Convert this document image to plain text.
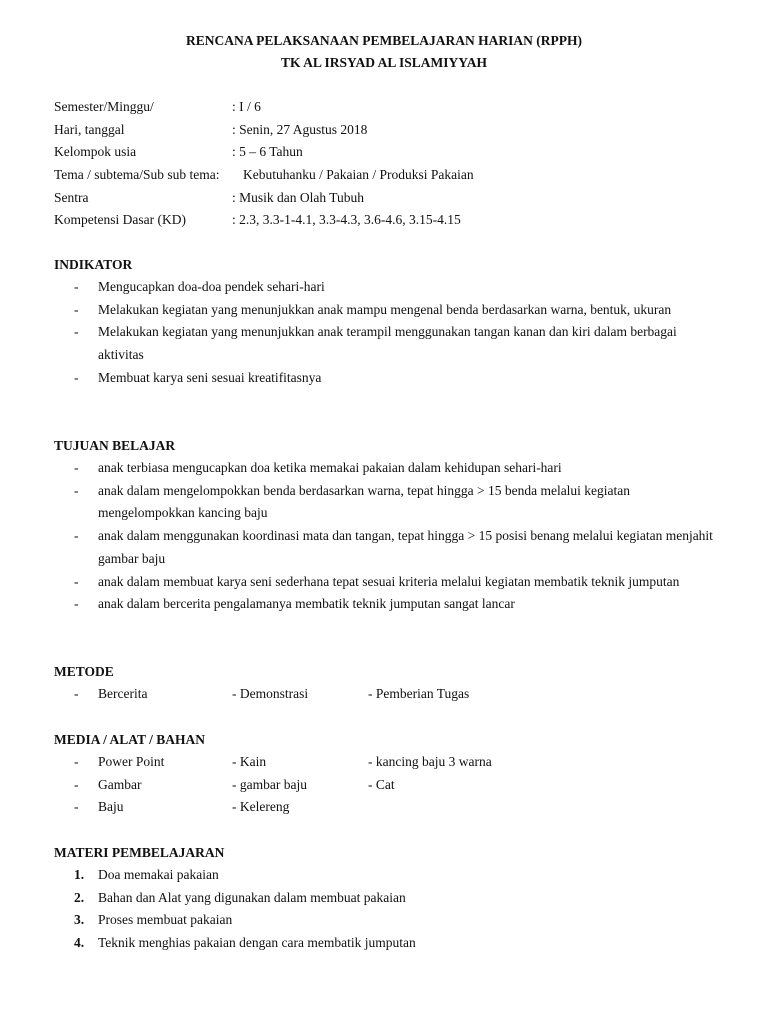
RENCANA PELAKSANAAN PEMBELAJARAN HARIAN (RPPH)
TK AL IRSYAD AL ISLAMIYYAH
Semester/Minggu/	: I / 6
Hari, tanggal	: Senin, 27 Agustus 2018
Kelompok usia	: 5 – 6 Tahun
Tema / subtema/Sub sub tema: Kebutuhanku / Pakaian / Produksi Pakaian
Sentra	: Musik dan Olah Tubuh
Kompetensi Dasar (KD)	: 2.3, 3.3-1-4.1, 3.3-4.3, 3.6-4.6, 3.15-4.15
INDIKATOR
- Mengucapkan doa-doa pendek sehari-hari
- Melakukan kegiatan yang menunjukkan anak mampu mengenal benda berdasarkan warna, bentuk, ukuran
- Melakukan kegiatan yang menunjukkan anak terampil menggunakan tangan kanan dan kiri dalam berbagai aktivitas
- Membuat karya seni sesuai kreatifitasnya
TUJUAN BELAJAR
- anak terbiasa mengucapkan doa ketika memakai pakaian dalam kehidupan sehari-hari
- anak dalam mengelompokkan benda berdasarkan warna, tepat hingga > 15 benda melalui kegiatan mengelompokkan kancing baju
- anak dalam menggunakan koordinasi mata dan tangan, tepat hingga > 15 posisi benang melalui kegiatan menjahit gambar baju
- anak dalam membuat karya seni sederhana tepat sesuai kriteria melalui kegiatan membatik teknik jumputan
- anak dalam bercerita pengalamanya membatik teknik jumputan sangat lancar
METODE
- Bercerita	- Demonstrasi	- Pemberian Tugas
MEDIA / ALAT / BAHAN
- Power Point	- Kain	- kancing baju 3 warna
- Gambar	- gambar baju	- Cat
- Baju	- Kelereng
MATERI PEMBELAJARAN
1. Doa memakai pakaian
2. Bahan dan Alat yang digunakan dalam membuat pakaian
3. Proses membuat pakaian
4. Teknik menghias pakaian dengan cara membatik jumputan
